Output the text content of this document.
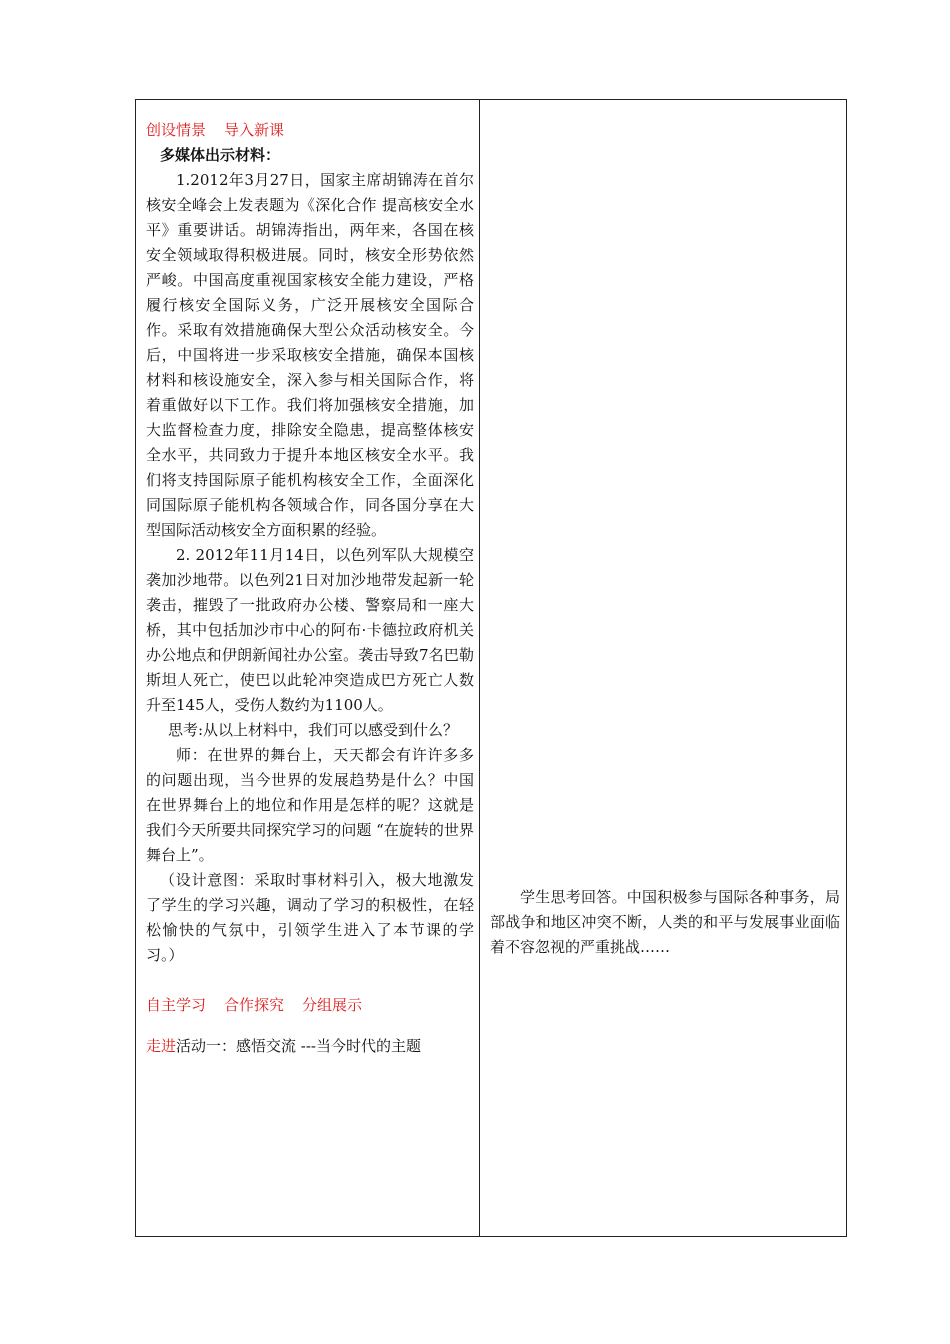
创设情景 导入新课

多媒体出示材料：

1.2012年3月27日，国家主席胡锦涛在首尔核安全峰会上发表题为《深化合作 提高核安全水平》重要讲话。胡锦涛指出，两年来，各国在核安全领域取得积极进展。同时，核安全形势依然严峻。中国高度重视国家核安全能力建设，严格履行核安全国际义务，广泛开展核安全国际合作。采取有效措施确保大型公众活动核安全。今后，中国将进一步采取核安全措施，确保本国核材料和核设施安全，深入参与相关国际合作，将着重做好以下工作。我们将加强核安全措施，加大监督检查力度，排除安全隐患，提高整体核安全水平，共同致力于提升本地区核安全水平。我们将支持国际原子能机构核安全工作，全面深化同国际原子能机构各领域合作，同各国分享在大型国际活动核安全方面积累的经验。

2. 2012年11月14日，以色列军队大规模空袭加沙地带。以色列21日对加沙地带发起新一轮袭击，摧毁了一批政府办公楼、警察局和一座大桥，其中包括加沙市中心的阿布·卡德拉政府机关办公地点和伊朗新闻社办公室。袭击导致7名巴勒斯坦人死亡，使巴以此轮冲突造成巴方死亡人数升至145人，受伤人数约为1100人。

思考:从以上材料中，我们可以感受到什么？

师：在世界的舞台上，天天都会有许许多多的问题出现，当今世界的发展趋势是什么？中国在世界舞台上的地位和作用是怎样的呢？这就是我们今天所要共同探究学习的问题 “在旋转的世界舞台上”。

（设计意图：采取时事材料引入，极大地激发了学生的学习兴趣，调动了学习的积极性，在轻松愉快的气氛中，引领学生进入了本节课的学习。）

自主学习 合作探究 分组展示

走进活动一：感悟交流 ---当今时代的主题

学生思考回答。中国积极参与国际各种事务，局部战争和地区冲突不断，人类的和平与发展事业面临着不容忽视的严重挑战……
